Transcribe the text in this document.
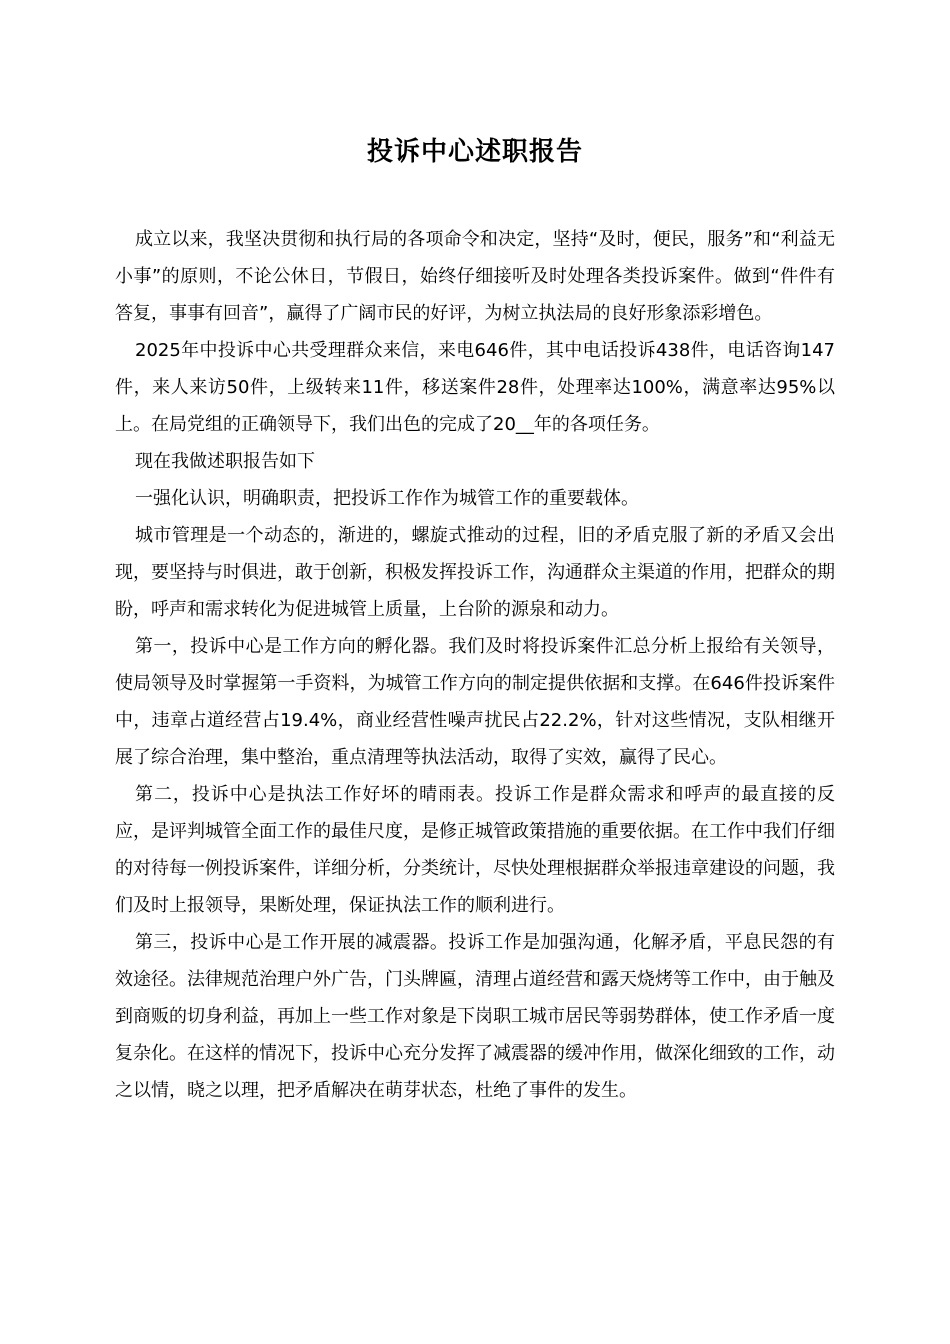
投诉中心述职报告

成立以来，我坚决贯彻和执行局的各项命令和决定，坚持“及时，便民，服务”和“利益无小事”的原则，不论公休日，节假日，始终仔细接听及时处理各类投诉案件。做到“件件有答复，事事有回音”，赢得了广阔市民的好评，为树立执法局的良好形象添彩增色。

2025年中投诉中心共受理群众来信，来电646件，其中电话投诉438件，电话咨询147件，来人来访50件，上级转来11件，移送案件28件，处理率达100%，满意率达95%以上。在局党组的正确领导下，我们出色的完成了20__年的各项任务。

现在我做述职报告如下

一强化认识，明确职责，把投诉工作作为城管工作的重要载体。

城市管理是一个动态的，渐进的，螺旋式推动的过程，旧的矛盾克服了新的矛盾又会出现，要坚持与时俱进，敢于创新，积极发挥投诉工作，沟通群众主渠道的作用，把群众的期盼，呼声和需求转化为促进城管上质量，上台阶的源泉和动力。

第一，投诉中心是工作方向的孵化器。我们及时将投诉案件汇总分析上报给有关领导，使局领导及时掌握第一手资料，为城管工作方向的制定提供依据和支撑。在646件投诉案件中，违章占道经营占19.4%，商业经营性噪声扰民占22.2%，针对这些情况，支队相继开展了综合治理，集中整治，重点清理等执法活动，取得了实效，赢得了民心。

第二，投诉中心是执法工作好坏的晴雨表。投诉工作是群众需求和呼声的最直接的反应，是评判城管全面工作的最佳尺度，是修正城管政策措施的重要依据。在工作中我们仔细的对待每一例投诉案件，详细分析，分类统计，尽快处理根据群众举报违章建设的问题，我们及时上报领导，果断处理，保证执法工作的顺利进行。

第三，投诉中心是工作开展的减震器。投诉工作是加强沟通，化解矛盾，平息民怨的有效途径。法律规范治理户外广告，门头牌匾，清理占道经营和露天烧烤等工作中，由于触及到商贩的切身利益，再加上一些工作对象是下岗职工城市居民等弱势群体，使工作矛盾一度复杂化。在这样的情况下，投诉中心充分发挥了减震器的缓冲作用，做深化细致的工作，动之以情，晓之以理，把矛盾解决在萌芽状态，杜绝了事件的发生。
